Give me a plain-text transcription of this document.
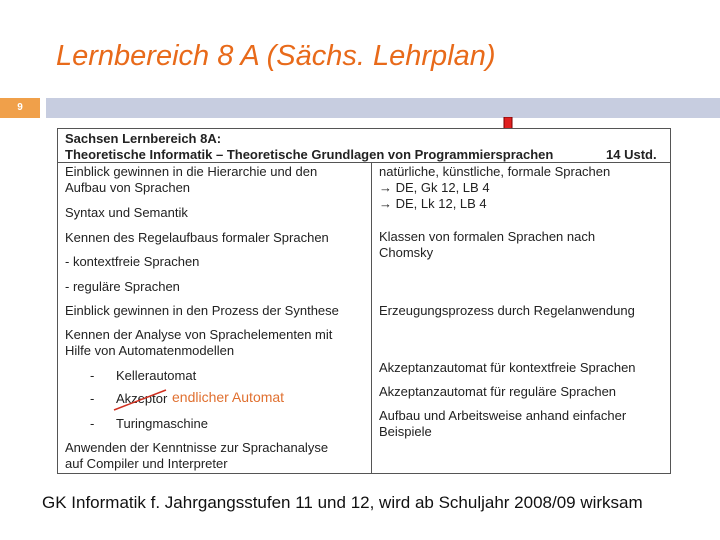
Lernbereich 8 A (Sächs. Lehrplan)
9
Sachsen Lernbereich 8A:
Theoretische Informatik – Theoretische Grundlagen von Programmiersprachen	14 Ustd.
Einblick gewinnen in die Hierarchie und den
Aufbau von Sprachen
Syntax und Semantik
Kennen des Regelaufbaus formaler Sprachen
- kontextfreie Sprachen
- reguläre Sprachen
Einblick gewinnen in den Prozess der Synthese
Kennen der Analyse von Sprachelementen mit
Hilfe von Automatenmodellen
- Kellerautomat
- Akzeptor
- Turingmaschine
Anwenden der Kenntnisse zur Sprachanalyse
auf Compiler und Interpreter
natürliche, künstliche, formale Sprachen
→ DE, Gk 12, LB 4
→ DE, Lk 12, LB 4
Klassen von formalen Sprachen nach
Chomsky
Erzeugungsprozess durch Regelanwendung
Akzeptanzautomat für kontextfreie Sprachen
Akzeptanzautomat für reguläre Sprachen
Aufbau und Arbeitsweise anhand einfacher
Beispiele
endlicher Automat
GK Informatik f. Jahrgangsstufen 11 und 12, wird ab Schuljahr 2008/09 wirksam
